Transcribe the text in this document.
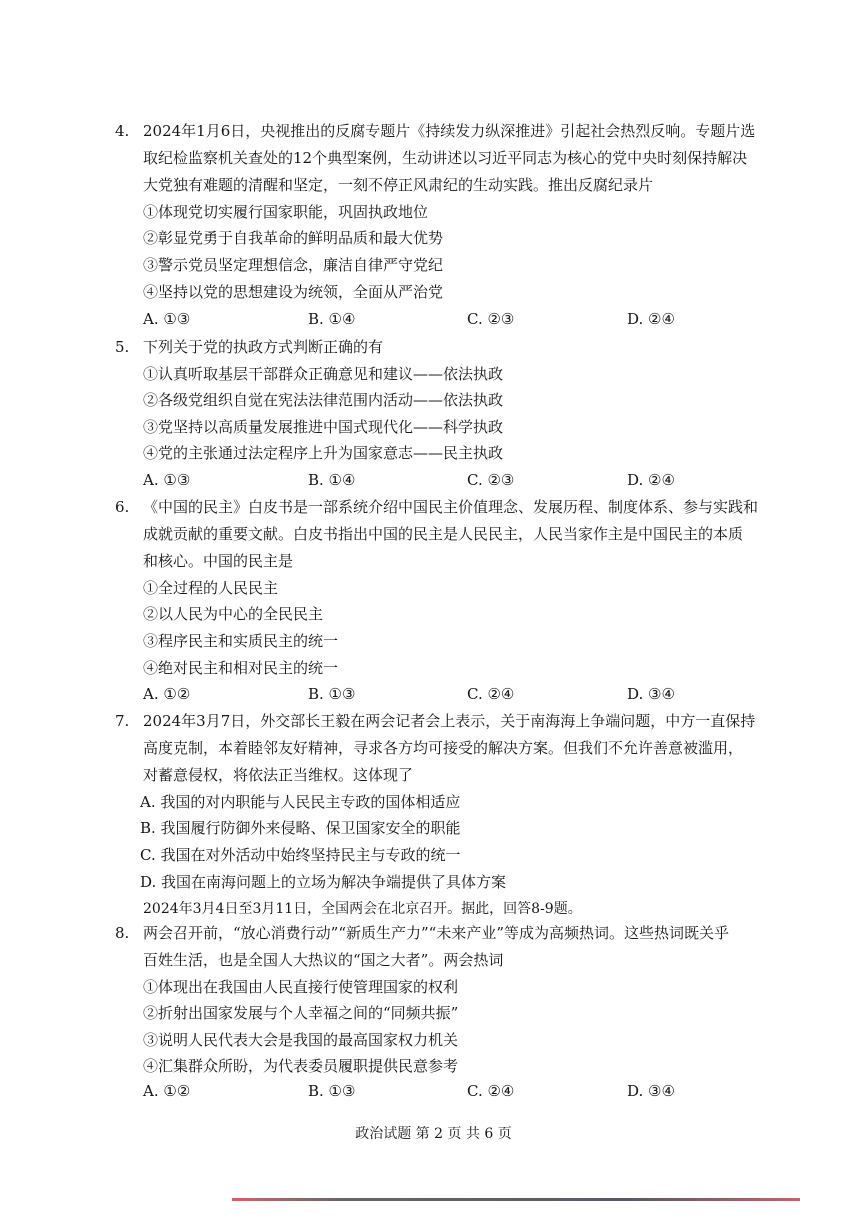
4. 2024年1月6日，央视推出的反腐专题片《持续发力纵深推进》引起社会热烈反响。专题片选
取纪检监察机关查处的12个典型案例，生动讲述以习近平同志为核心的党中央时刻保持解决
大党独有难题的清醒和坚定，一刻不停正风肃纪的生动实践。推出反腐纪录片
①体现党切实履行国家职能，巩固执政地位
②彰显党勇于自我革命的鲜明品质和最大优势
③警示党员坚定理想信念，廉洁自律严守党纪
④坚持以党的思想建设为统领，全面从严治党
A. ①③	B. ①④	C. ②③	D. ②④
5. 下列关于党的执政方式判断正确的有
①认真听取基层干部群众正确意见和建议——依法执政
②各级党组织自觉在宪法法律范围内活动——依法执政
③党坚持以高质量发展推进中国式现代化——科学执政
④党的主张通过法定程序上升为国家意志——民主执政
A. ①③	B. ①④	C. ②③	D. ②④
6. 《中国的民主》白皮书是一部系统介绍中国民主价值理念、发展历程、制度体系、参与实践和
成就贡献的重要文献。白皮书指出中国的民主是人民民主，人民当家作主是中国民主的本质
和核心。中国的民主是
①全过程的人民民主
②以人民为中心的全民民主
③程序民主和实质民主的统一
④绝对民主和相对民主的统一
A. ①②	B. ①③	C. ②④	D. ③④
7. 2024年3月7日，外交部长王毅在两会记者会上表示，关于南海海上争端问题，中方一直保持
高度克制，本着睦邻友好精神，寻求各方均可接受的解决方案。但我们不允许善意被滥用，
对蓄意侵权，将依法正当维权。这体现了
A. 我国的对内职能与人民民主专政的国体相适应
B. 我国履行防御外来侵略、保卫国家安全的职能
C. 我国在对外活动中始终坚持民主与专政的统一
D. 我国在南海问题上的立场为解决争端提供了具体方案
2024年3月4日至3月11日，全国两会在北京召开。据此，回答8-9题。
8. 两会召开前，“放心消费行动”“新质生产力”“未来产业”等成为高频热词。这些热词既关乎
百姓生活，也是全国人大热议的“国之大者”。两会热词
①体现出在我国由人民直接行使管理国家的权利
②折射出国家发展与个人幸福之间的“同频共振”
③说明人民代表大会是我国的最高国家权力机关
④汇集群众所盼，为代表委员履职提供民意参考
A. ①②	B. ①③	C. ②④	D. ③④
政治试题 第 2 页 共 6 页
